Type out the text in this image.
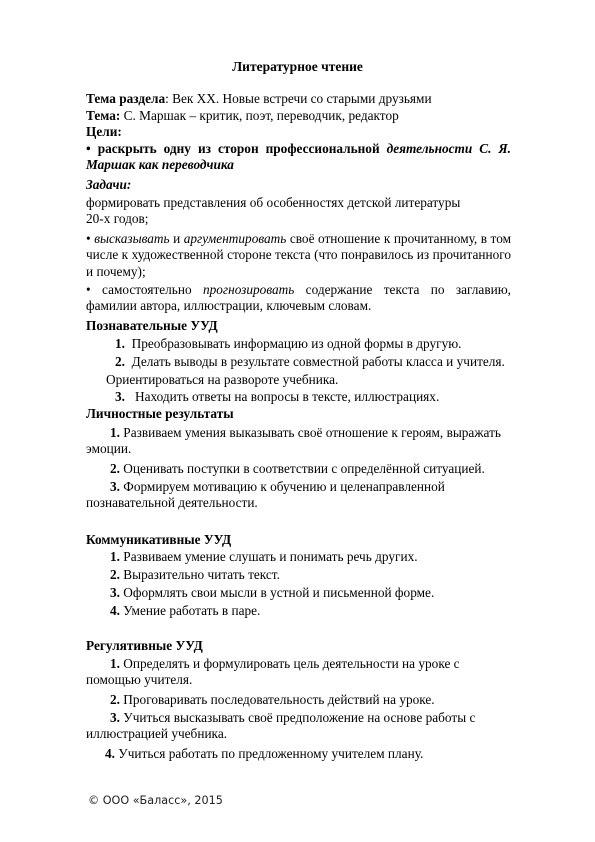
Литературное чтение
Тема раздела: Век XX. Новые встречи со старыми друзьями
Тема: С. Маршак – критик, поэт, переводчик, редактор
Цели:
• раскрыть одну из сторон профессиональной деятельности С. Я. Маршак как переводчика
Задачи:
формировать представления об особенностях детской литературы 20-х годов;
• высказывать и аргументировать своё отношение к прочитанному, в том числе к художественной стороне текста (что понравилось из прочитанного и почему);
• самостоятельно прогнозировать содержание текста по заглавию, фамилии автора, иллюстрации, ключевым словам.
Познавательные УУД
1. Преобразовывать информацию из одной формы в другую.
2. Делать выводы в результате совместной работы класса и учителя.
Ориентироваться на развороте учебника.
3. Находить ответы на вопросы в тексте, иллюстрациях.
Личностные результаты
1. Развиваем умения выказывать своё отношение к героям, выражать эмоции.
2. Оценивать поступки в соответствии с определённой ситуацией.
3. Формируем мотивацию к обучению и целенаправленной познавательной деятельности.
Коммуникативные УУД
1. Развиваем умение слушать и понимать речь других.
2. Выразительно читать текст.
3. Оформлять свои мысли в устной и письменной форме.
4. Умение работать в паре.
Регулятивные УУД
1. Определять и формулировать цель деятельности на уроке с помощью учителя.
2. Проговаривать последовательность действий на уроке.
3. Учиться высказывать своё предположение на основе работы с иллюстрацией учебника.
4. Учиться работать по предложенному учителем плану.
© ООО «Баласс», 2015
